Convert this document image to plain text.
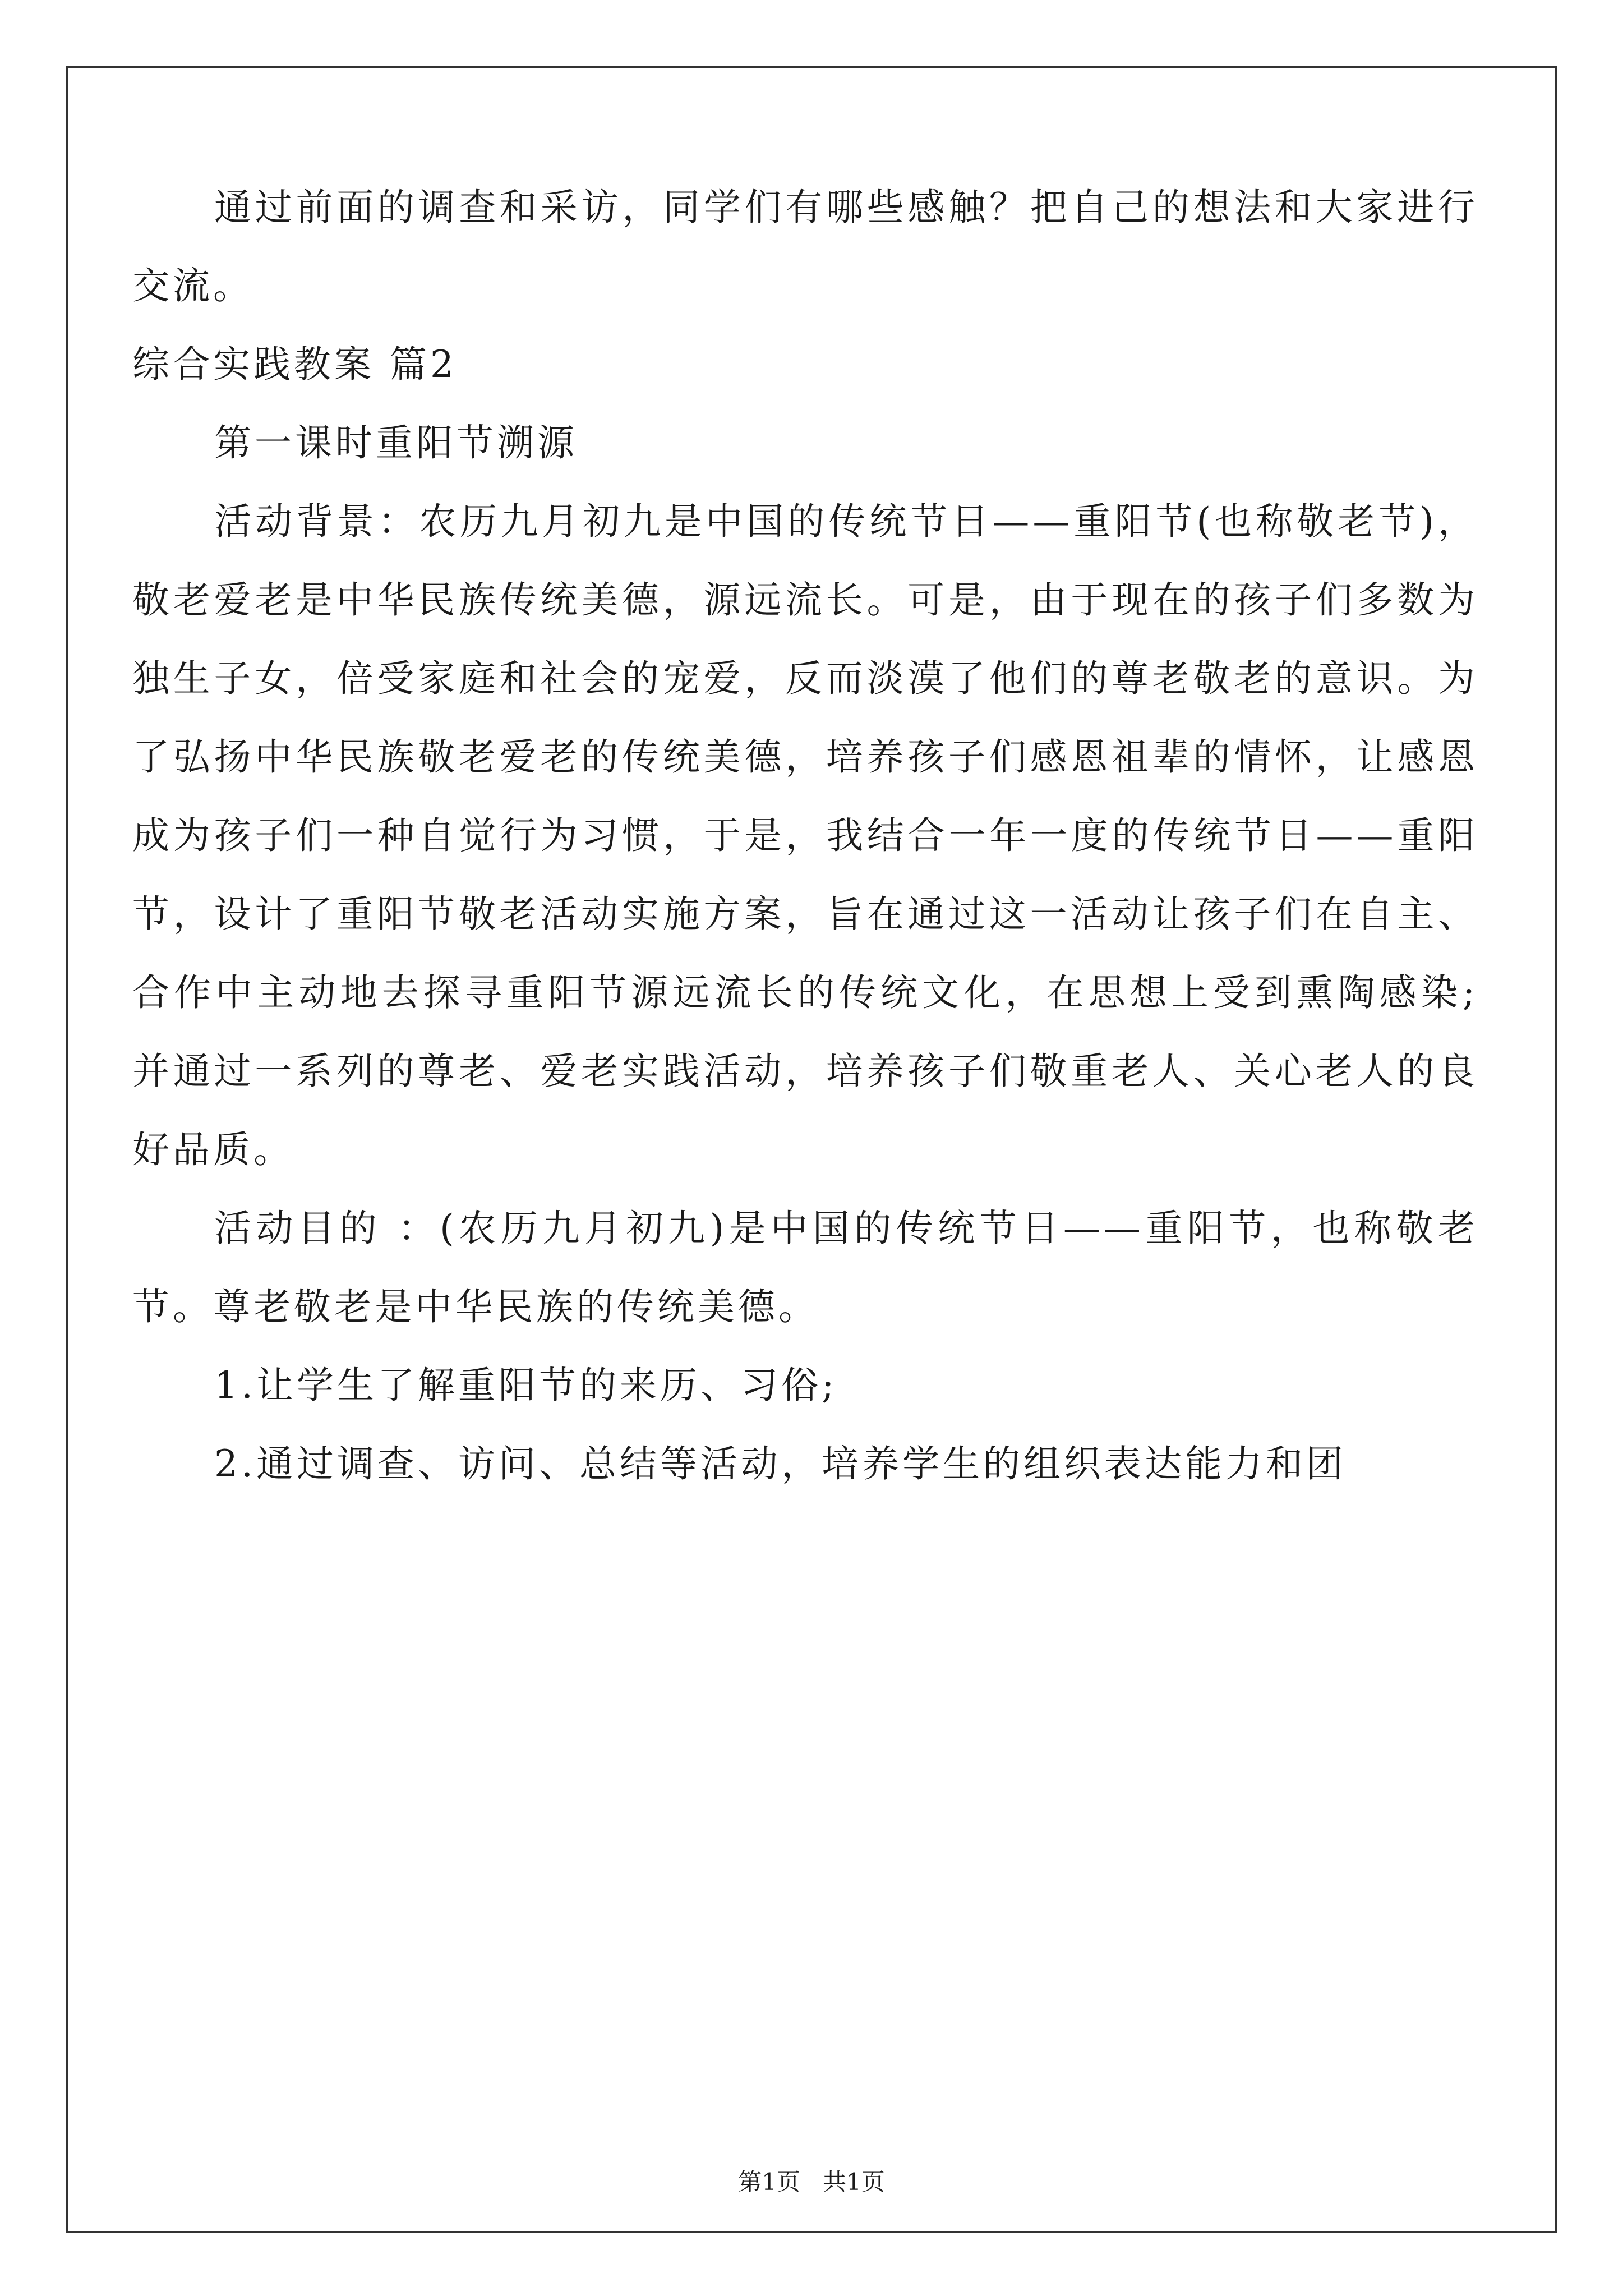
通过前面的调查和采访，同学们有哪些感触？把自己的想法和大家进行交流。

综合实践教案 篇2

第一课时重阳节溯源

活动背景：农历九月初九是中国的传统节日——重阳节(也称敬老节)，敬老爱老是中华民族传统美德，源远流长。可是，由于现在的孩子们多数为独生子女，倍受家庭和社会的宠爱，反而淡漠了他们的尊老敬老的意识。为了弘扬中华民族敬老爱老的传统美德，培养孩子们感恩祖辈的情怀，让感恩成为孩子们一种自觉行为习惯，于是，我结合一年一度的传统节日——重阳节，设计了重阳节敬老活动实施方案，旨在通过这一活动让孩子们在自主、合作中主动地去探寻重阳节源远流长的传统文化，在思想上受到熏陶感染;并通过一系列的尊老、爱老实践活动，培养孩子们敬重老人、关心老人的良好品质。

活动目的 ：(农历九月初九)是中国的传统节日——重阳节，也称敬老节。尊老敬老是中华民族的传统美德。

1.让学生了解重阳节的来历、习俗;

2.通过调查、访问、总结等活动，培养学生的组织表达能力和团

第1页 共1页
